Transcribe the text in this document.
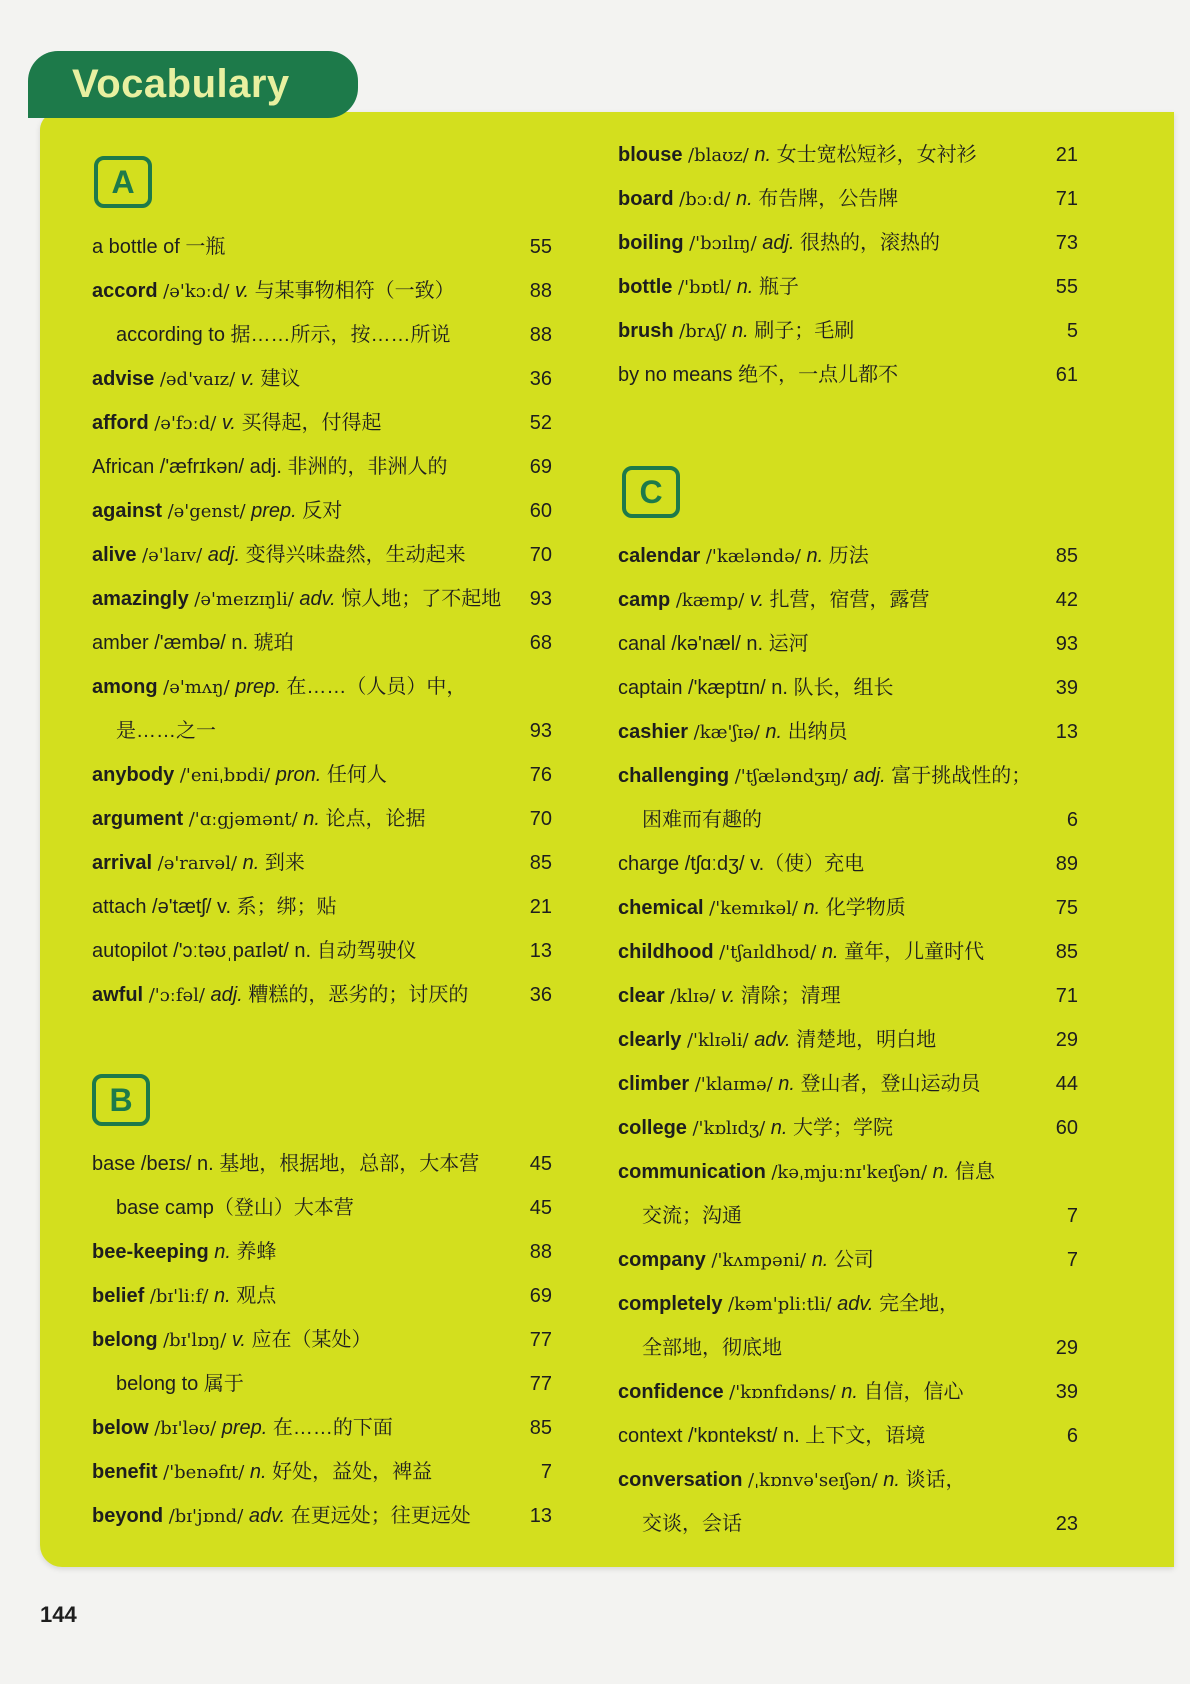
Vocabulary
A
a bottle of 一瓶	55
accord /ə'kɔːd/ v. 与某事物相符（一致）	88
according to 据……所示，按……所说	88
advise /əd'vaɪz/ v. 建议	36
afford /ə'fɔːd/ v. 买得起，付得起	52
African /'æfrɪkən/ adj. 非洲的，非洲人的	69
against /ə'genst/ prep. 反对	60
alive /ə'laɪv/ adj. 变得兴味盎然，生动起来	70
amazingly /ə'meɪzɪŋli/ adv. 惊人地；了不起地 93
amber /'æmbə/ n. 琥珀	68
among /ə'mʌŋ/ prep. 在……（人员）中，
是……之一	93
anybody /'eniˌbɒdi/ pron. 任何人	76
argument /'ɑːgjəmənt/ n. 论点，论据	70
arrival /ə'raɪvəl/ n. 到来	85
attach /ə'tætʃ/ v. 系；绑；贴	21
autopilot /'ɔːtəʊˌpaɪlət/ n. 自动驾驶仪	13
awful /'ɔːfəl/ adj. 糟糕的，恶劣的；讨厌的	36
B
base /beɪs/ n. 基地，根据地，总部，大本营	45
base camp（登山）大本营	45
bee-keeping n. 养蜂	88
belief /bɪ'liːf/ n. 观点	69
belong /bɪ'lɒŋ/ v. 应在（某处）	77
belong to 属于	77
below /bɪ'ləʊ/ prep. 在……的下面	85
benefit /'benəfɪt/ n. 好处，益处，裨益	7
beyond /bɪ'jɒnd/ adv. 在更远处；往更远处	13
blouse /blaʊz/ n. 女士宽松短衫，女衬衫	21
board /bɔːd/ n. 布告牌，公告牌	71
boiling /'bɔɪlɪŋ/ adj. 很热的，滚热的	73
bottle /'bɒtl/ n. 瓶子	55
brush /brʌʃ/ n. 刷子；毛刷	5
by no means 绝不，一点儿都不	61
C
calendar /'kæləndə/ n. 历法	85
camp /kæmp/ v. 扎营，宿营，露营	42
canal /kə'næl/ n. 运河	93
captain /'kæptɪn/ n. 队长，组长	39
cashier /kæ'ʃɪə/ n. 出纳员	13
challenging /'tʃæləndʒɪŋ/ adj. 富于挑战性的；
困难而有趣的	6
charge /tʃɑːdʒ/ v.（使）充电	89
chemical /'kemɪkəl/ n. 化学物质	75
childhood /'tʃaɪldhʊd/ n. 童年，儿童时代	85
clear /klɪə/ v. 清除；清理	71
clearly /'klɪəli/ adv. 清楚地，明白地	29
climber /'klaɪmə/ n. 登山者，登山运动员	44
college /'kɒlɪdʒ/ n. 大学；学院	60
communication /kəˌmjuːnɪ'keɪʃən/ n. 信息
交流；沟通	7
company /'kʌmpəni/ n. 公司	7
completely /kəm'pliːtli/ adv. 完全地，
全部地，彻底地	29
confidence /'kɒnfɪdəns/ n. 自信，信心	39
context /'kɒntekst/ n. 上下文，语境	6
conversation /ˌkɒnvə'seɪʃən/ n. 谈话，
交谈，会话	23
144
